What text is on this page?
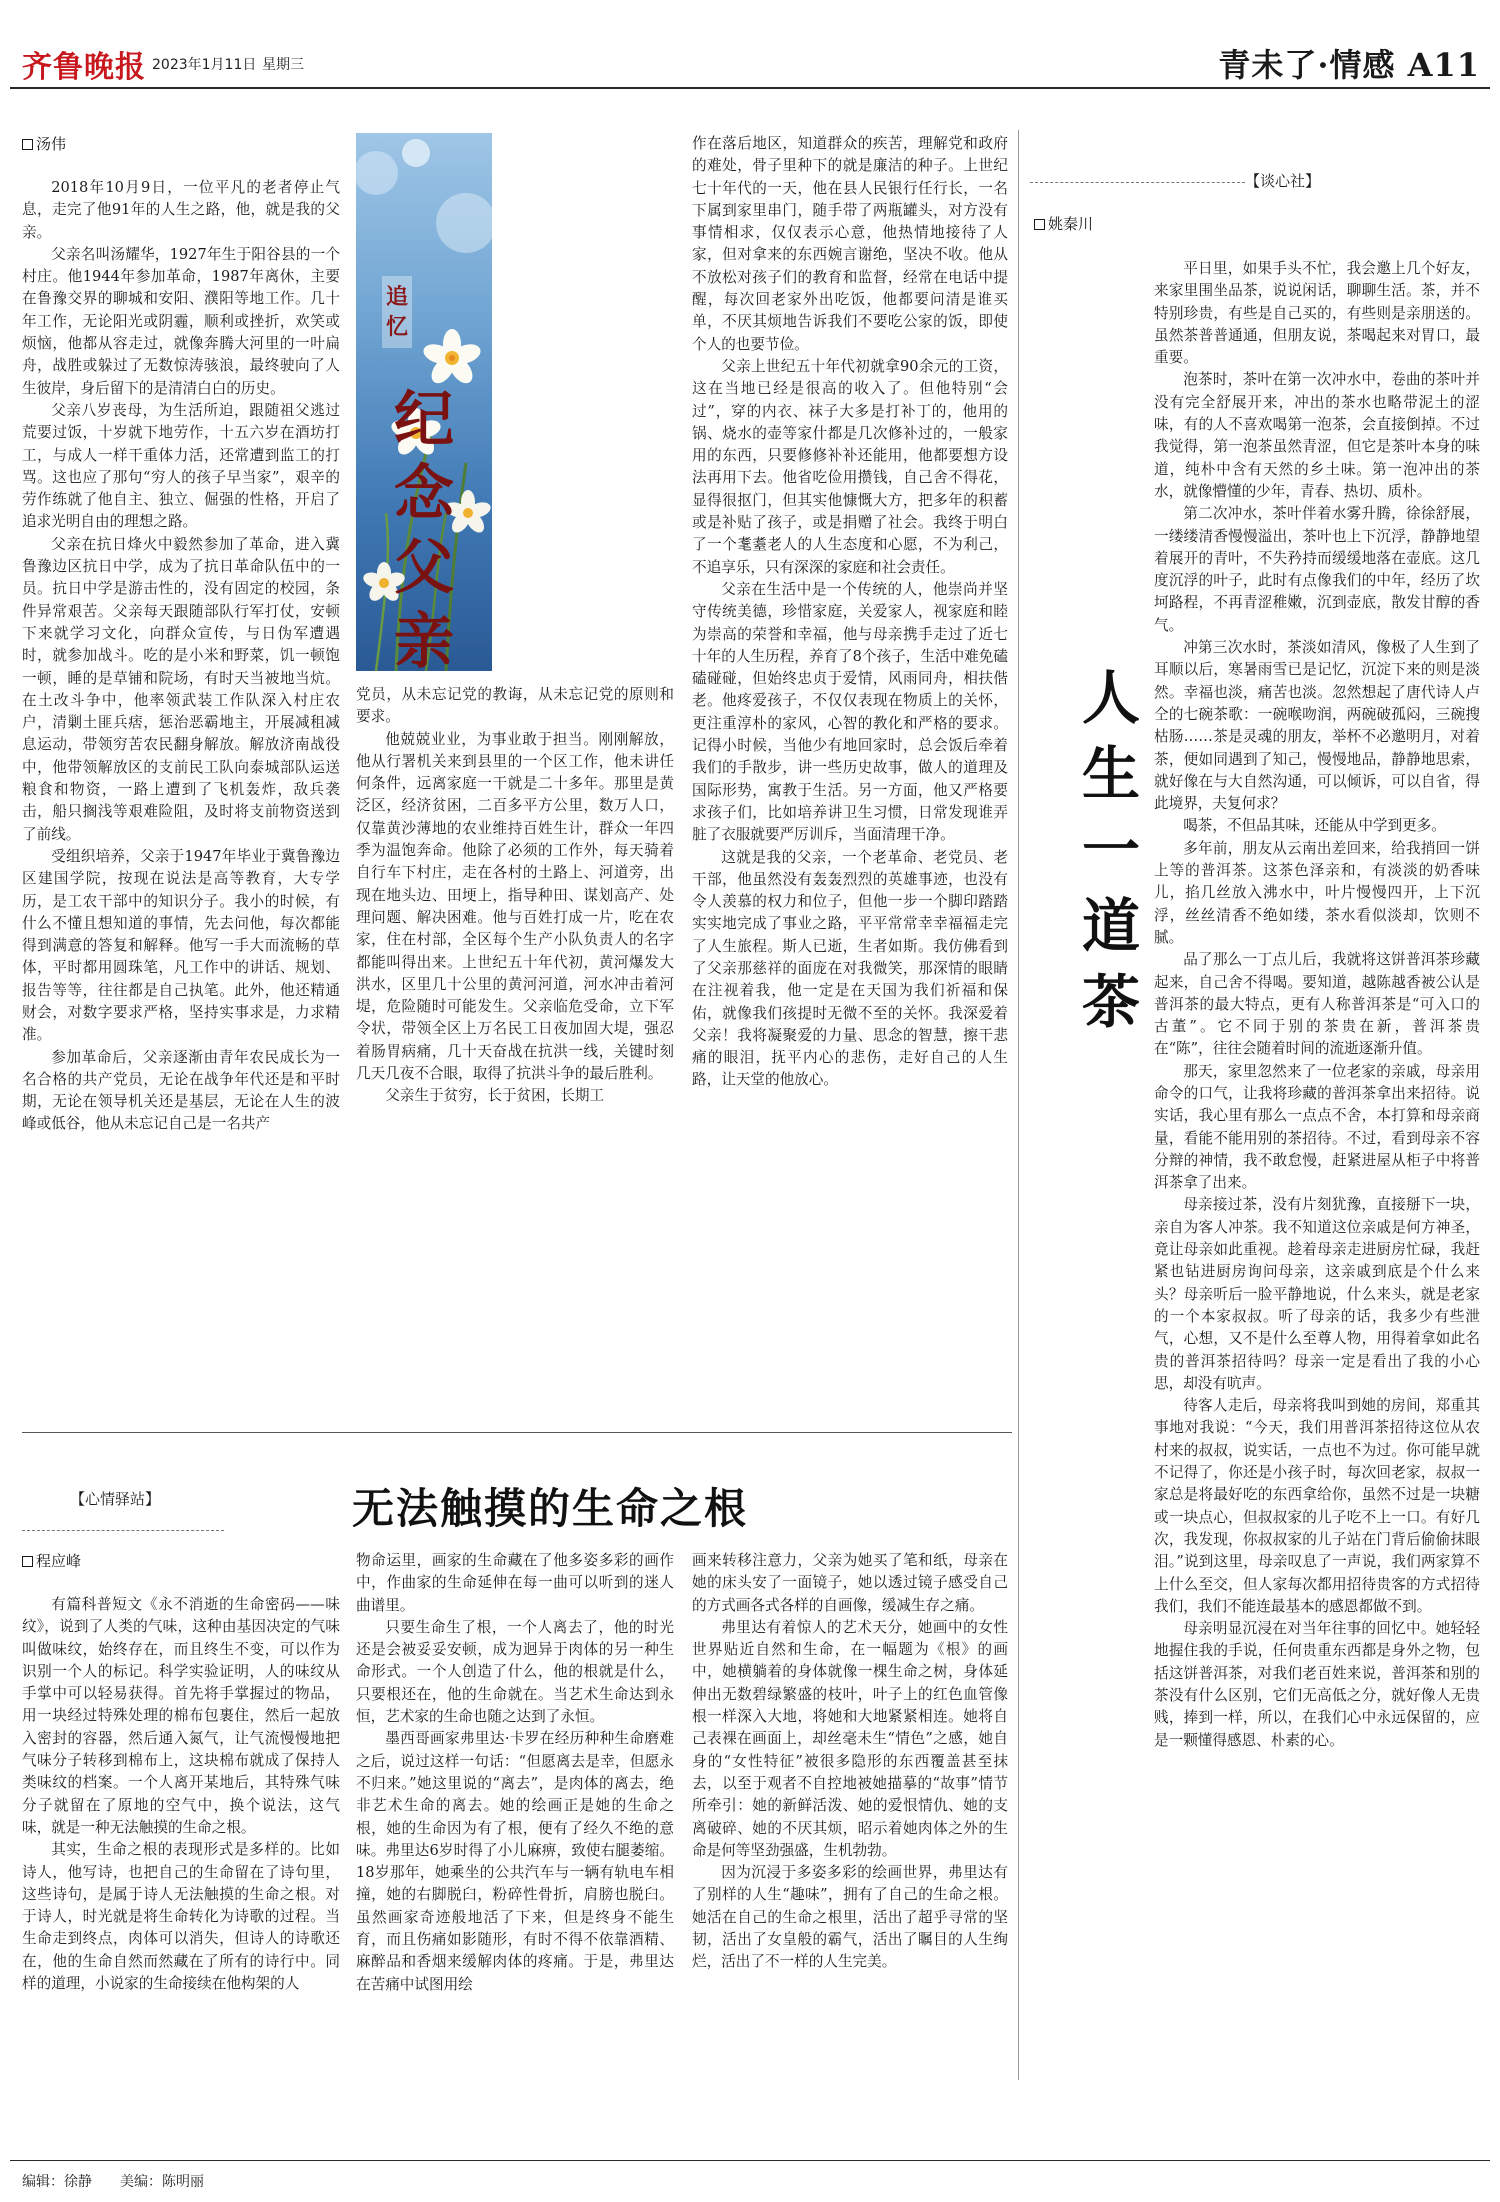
齐鲁晚报 2023年1月11日 星期三	青未了·情感 A11
汤伟

2018年10月9日，一位平凡的老者停止气息，走完了他91年的人生之路，他，就是我的父亲。

父亲名叫汤耀华，1927年生于阳谷县的一个村庄。他1944年参加革命，1987年离休，主要在鲁豫交界的聊城和安阳、濮阳等地工作。几十年工作，无论阳光或阴霾，顺利或挫折，欢笑或烦恼，他都从容走过，就像奔腾大河里的一叶扁舟，战胜或躲过了无数惊涛骇浪，最终驶向了人生彼岸，身后留下的是清清白白的历史。

父亲八岁丧母，为生活所迫，跟随祖父逃过荒要过饭，十岁就下地劳作，十五六岁在酒坊打工，与成人一样干重体力活，还常遭到监工的打骂。这也应了那句“穷人的孩子早当家”，艰辛的劳作练就了他自主、独立、倔强的性格，开启了追求光明自由的理想之路。

父亲在抗日烽火中毅然参加了革命，进入冀鲁豫边区抗日中学，成为了抗日革命队伍中的一员。抗日中学是游击性的，没有固定的校园，条件异常艰苦。父亲每天跟随部队行军打仗，安顿下来就学习文化，向群众宣传，与日伪军遭遇时，就参加战斗。吃的是小米和野菜，饥一顿饱一顿，睡的是草铺和院场，有时天当被地当炕。在土改斗争中，他率领武装工作队深入村庄农户，清剿土匪兵痞，惩治恶霸地主，开展减租减息运动，带领穷苦农民翻身解放。解放济南战役中，他带领解放区的支前民工队向泰城部队运送粮食和物资，一路上遭到了飞机轰炸，敌兵袭击，船只搁浅等艰难险阻，及时将支前物资送到了前线。

受组织培养，父亲于1947年毕业于冀鲁豫边区建国学院，按现在说法是高等教育，大专学历，是工农干部中的知识分子。我小的时候，有什么不懂且想知道的事情，先去问他，每次都能得到满意的答复和解释。他写一手大而流畅的草体，平时都用圆珠笔，凡工作中的讲话、规划、报告等等，往往都是自己执笔。此外，他还精通财会，对数字要求严格，坚持实事求是，力求精准。

参加革命后，父亲逐渐由青年农民成长为一名合格的共产党员，无论在战争年代还是和平时期，无论在领导机关还是基层，无论在人生的波峰或低谷，他从未忘记自己是一名共产

追忆
纪念父亲

党员，从未忘记党的教诲，从未忘记党的原则和要求。

他兢兢业业，为事业敢于担当。刚刚解放，他从行署机关来到县里的一个区工作，他未讲任何条件，远离家庭一干就是二十多年。那里是黄泛区，经济贫困，二百多平方公里，数万人口，仅靠黄沙薄地的农业维持百姓生计，群众一年四季为温饱奔命。他除了必须的工作外，每天骑着自行车下村庄，走在各村的土路上、河道旁，出现在地头边、田埂上，指导种田、谋划高产、处理问题、解决困难。他与百姓打成一片，吃在农家，住在村部，全区每个生产小队负责人的名字都能叫得出来。上世纪五十年代初，黄河爆发大洪水，区里几十公里的黄河河道，河水冲击着河堤，危险随时可能发生。父亲临危受命，立下军令状，带领全区上万名民工日夜加固大堤，强忍着肠胃病痛，几十天奋战在抗洪一线，关键时刻几天几夜不合眼，取得了抗洪斗争的最后胜利。

父亲生于贫穷，长于贫困，长期工

作在落后地区，知道群众的疾苦，理解党和政府的难处，骨子里种下的就是廉洁的种子。上世纪七十年代的一天，他在县人民银行任行长，一名下属到家里串门，随手带了两瓶罐头，对方没有事情相求，仅仅表示心意，他热情地接待了人家，但对拿来的东西婉言谢绝，坚决不收。他从不放松对孩子们的教育和监督，经常在电话中提醒，每次回老家外出吃饭，他都要问清是谁买单，不厌其烦地告诉我们不要吃公家的饭，即使个人的也要节俭。

父亲上世纪五十年代初就拿90余元的工资，这在当地已经是很高的收入了。但他特别“会过”，穿的内衣、袜子大多是打补丁的，他用的锅、烧水的壶等家什都是几次修补过的，一般家用的东西，只要修修补补还能用，他都要想方设法再用下去。他省吃俭用攒钱，自己舍不得花，显得很抠门，但其实他慷慨大方，把多年的积蓄或是补贴了孩子，或是捐赠了社会。我终于明白了一个耄耋老人的人生态度和心愿，不为利己，不追享乐，只有深深的家庭和社会责任。

父亲在生活中是一个传统的人，他崇尚并坚守传统美德，珍惜家庭，关爱家人，视家庭和睦为崇高的荣誉和幸福，他与母亲携手走过了近七十年的人生历程，养育了8个孩子，生活中难免磕磕碰碰，但始终忠贞于爱情，风雨同舟，相扶偕老。他疼爱孩子，不仅仅表现在物质上的关怀，更注重淳朴的家风，心智的教化和严格的要求。记得小时候，当他少有地回家时，总会饭后牵着我们的手散步，讲一些历史故事，做人的道理及国际形势，寓教于生活。另一方面，他又严格要求孩子们，比如培养讲卫生习惯，日常发现谁弄脏了衣服就要严厉训斥，当面清理干净。

这就是我的父亲，一个老革命、老党员、老干部，他虽然没有轰轰烈烈的英雄事迹，也没有令人羡慕的权力和位子，但他一步一个脚印踏踏实实地完成了事业之路，平平常常幸幸福福走完了人生旅程。斯人已逝，生者如斯。我仿佛看到了父亲那慈祥的面庞在对我微笑，那深情的眼睛在注视着我，他一定是在天国为我们祈福和保佑，就像我们孩提时无微不至的关怀。我深爱着父亲！我将凝聚爱的力量、思念的智慧，擦干悲痛的眼泪，抚平内心的悲伤，走好自己的人生路，让天堂的他放心。

【谈心社】
姚秦川
人生一道茶

平日里，如果手头不忙，我会邀上几个好友，来家里围坐品茶，说说闲话，聊聊生活。茶，并不特别珍贵，有些是自己买的，有些则是亲朋送的。虽然茶普普通通，但朋友说，茶喝起来对胃口，最重要。

泡茶时，茶叶在第一次冲水中，卷曲的茶叶并没有完全舒展开来，冲出的茶水也略带泥土的涩味，有的人不喜欢喝第一泡茶，会直接倒掉。不过我觉得，第一泡茶虽然青涩，但它是茶叶本身的味道，纯朴中含有天然的乡土味。第一泡冲出的茶水，就像懵懂的少年，青春、热切、质朴。

第二次冲水，茶叶伴着水雾升腾，徐徐舒展，一缕缕清香慢慢溢出，茶叶也上下沉浮，静静地望着展开的青叶，不失矜持而缓缓地落在壶底。这几度沉浮的叶子，此时有点像我们的中年，经历了坎坷路程，不再青涩稚嫩，沉到壶底，散发甘醇的香气。

冲第三次水时，茶淡如清风，像极了人生到了耳顺以后，寒暑雨雪已是记忆，沉淀下来的则是淡然。幸福也淡，痛苦也淡。忽然想起了唐代诗人卢仝的七碗茶歌：一碗喉吻润，两碗破孤闷，三碗搜枯肠……茶是灵魂的朋友，举杯不必邀明月，对着茶，便如同遇到了知己，慢慢地品，静静地思索，就好像在与大自然沟通，可以倾诉，可以自省，得此境界，夫复何求？

喝茶，不但品其味，还能从中学到更多。

多年前，朋友从云南出差回来，给我捎回一饼上等的普洱茶。这茶色泽亲和，有淡淡的奶香味儿，掐几丝放入沸水中，叶片慢慢四开，上下沉浮，丝丝清香不绝如缕，茶水看似淡却，饮则不腻。

品了那么一丁点儿后，我就将这饼普洱茶珍藏起来，自己舍不得喝。要知道，越陈越香被公认是普洱茶的最大特点，更有人称普洱茶是“可入口的古董”。它不同于别的茶贵在新，普洱茶贵在“陈”，往往会随着时间的流逝逐渐升值。

那天，家里忽然来了一位老家的亲戚，母亲用命令的口气，让我将珍藏的普洱茶拿出来招待。说实话，我心里有那么一点点不舍，本打算和母亲商量，看能不能用别的茶招待。不过，看到母亲不容分辩的神情，我不敢怠慢，赶紧进屋从柜子中将普洱茶拿了出来。

母亲接过茶，没有片刻犹豫，直接掰下一块，亲自为客人冲茶。我不知道这位亲戚是何方神圣，竟让母亲如此重视。趁着母亲走进厨房忙碌，我赶紧也钻进厨房询问母亲，这亲戚到底是个什么来头？母亲听后一脸平静地说，什么来头，就是老家的一个本家叔叔。听了母亲的话，我多少有些泄气，心想，又不是什么至尊人物，用得着拿如此名贵的普洱茶招待吗？母亲一定是看出了我的小心思，却没有吭声。

待客人走后，母亲将我叫到她的房间，郑重其事地对我说：“今天，我们用普洱茶招待这位从农村来的叔叔，说实话，一点也不为过。你可能早就不记得了，你还是小孩子时，每次回老家，叔叔一家总是将最好吃的东西拿给你，虽然不过是一块糖或一块点心，但叔叔家的儿子吃不上一口。有好几次，我发现，你叔叔家的儿子站在门背后偷偷抹眼泪。”说到这里，母亲叹息了一声说，我们两家算不上什么至交，但人家每次都用招待贵客的方式招待我们，我们不能连最基本的感恩都做不到。

母亲明显沉浸在对当年往事的回忆中。她轻轻地握住我的手说，任何贵重东西都是身外之物，包括这饼普洱茶，对我们老百姓来说，普洱茶和别的茶没有什么区别，它们无高低之分，就好像人无贵贱，捧到一样，所以，在我们心中永远保留的，应是一颗懂得感恩、朴素的心。

【心情驿站】	无法触摸的生命之根
程应峰

有篇科普短文《永不消逝的生命密码——味纹》，说到了人类的气味，这种由基因决定的气味叫做味纹，始终存在，而且终生不变，可以作为识别一个人的标记。科学实验证明，人的味纹从手掌中可以轻易获得。首先将手掌握过的物品，用一块经过特殊处理的棉布包裹住，然后一起放入密封的容器，然后通入氮气，让气流慢慢地把气味分子转移到棉布上，这块棉布就成了保持人类味纹的档案。一个人离开某地后，其特殊气味分子就留在了原地的空气中，换个说法，这气味，就是一种无法触摸的生命之根。

其实，生命之根的表现形式是多样的。比如诗人，他写诗，也把自己的生命留在了诗句里，这些诗句，是属于诗人无法触摸的生命之根。对于诗人，时光就是将生命转化为诗歌的过程。当生命走到终点，肉体可以消失，但诗人的诗歌还在，他的生命自然而然藏在了所有的诗行中。同样的道理，小说家的生命接续在他构架的人

物命运里，画家的生命藏在了他多姿多彩的画作中，作曲家的生命延伸在每一曲可以听到的迷人曲谱里。

只要生命生了根，一个人离去了，他的时光还是会被妥妥安顿，成为迥异于肉体的另一种生命形式。一个人创造了什么，他的根就是什么，只要根还在，他的生命就在。当艺术生命达到永恒，艺术家的生命也随之达到了永恒。

墨西哥画家弗里达·卡罗在经历种种生命磨难之后，说过这样一句话：“但愿离去是幸，但愿永不归来。”她这里说的“离去”，是肉体的离去，绝非艺术生命的离去。她的绘画正是她的生命之根，她的生命因为有了根，便有了经久不绝的意味。弗里达6岁时得了小儿麻痹，致使右腿萎缩。18岁那年，她乘坐的公共汽车与一辆有轨电车相撞，她的右脚脱臼，粉碎性骨折，肩膀也脱臼。虽然画家奇迹般地活了下来，但是终身不能生育，而且伤痛如影随形，有时不得不依靠酒精、麻醉品和香烟来缓解肉体的疼痛。于是，弗里达在苦痛中试图用绘

画来转移注意力，父亲为她买了笔和纸，母亲在她的床头安了一面镜子，她以透过镜子感受自己的方式画各式各样的自画像，缓减生存之痛。

弗里达有着惊人的艺术天分，她画中的女性世界贴近自然和生命，在一幅题为《根》的画中，她横躺着的身体就像一棵生命之树，身体延伸出无数碧绿繁盛的枝叶，叶子上的红色血管像根一样深入大地，将她和大地紧紧相连。她将自己表裸在画面上，却丝毫未生“情色”之感，她自身的“女性特征”被很多隐形的东西覆盖甚至抹去，以至于观者不自控地被她描摹的“故事”情节所牵引：她的新鲜活泼、她的爱恨情仇、她的支离破碎、她的不厌其烦，昭示着她肉体之外的生命是何等坚劲强盛，生机勃勃。

因为沉浸于多姿多彩的绘画世界，弗里达有了别样的人生“趣味”，拥有了自己的生命之根。她活在自己的生命之根里，活出了超乎寻常的坚韧，活出了女皇般的霸气，活出了瞩目的人生绚烂，活出了不一样的人生完美。

编辑：徐静 美编：陈明丽
